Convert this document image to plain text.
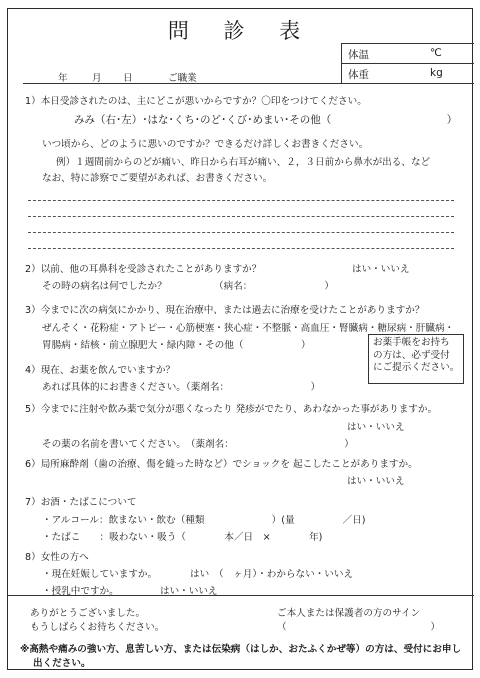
問 診 表
体温	℃
体重	kg
年	月 日	ご職業
1）本日受診されたのは、主にどこが悪いからですか？〇印をつけてください。
みみ（右･左）･はな･くち･のど･くび･めまい･その他（　　　　　　　　　　　）
いつ頃から、どのように悪いのですか？できるだけ詳しくお書きください。
例）１週間前からのどが痛い、昨日から右耳が痛い、２，３日前から鼻水が出る、など
なお、特に診察でご要望があれば、お書きください。
2）以前、他の耳鼻科を受診されたことがありますか？	はい・いいえ
その時の病名は何でしたか？	（病名：　　　　　　　　）
3）今までに次の病気にかかり、現在治療中、または過去に治療を受けたことがありますか？
ぜんそく・花粉症・アトピー・心筋梗塞・狭心症・不整脈・高血圧・腎臓病・糖尿病・肝臓病・
胃腸病・結核・前立腺肥大・緑内障・その他（　　　　　　）	お薬手帳をお持ち
の方は、必ず受付
にご提示ください。
4）現在、お薬を飲んでいますか？
あれば具体的にお書きください。（薬剤名：　　　　　　　　　）
5）今までに注射や飲み薬で気分が悪くなったり 発疹がでたり、あわなかった事がありますか。
はい・いいえ
その薬の名前を書いてください。　（薬剤名：　　　　　　　　　　　　）
6）局所麻酔剤（歯の治療、傷を縫った時など）でショックを 起こしたことがありますか。
はい・いいえ
7）お酒・たばこについて
・アルコール：飲まない・飲む（種類　　　　　　　）(量　　　　　／日)
・たばこ　　：吸わない・吸う（　　　　本／日　×　　　　年)
8）女性の方へ
・現在妊娠していますか。	はい　（　ヶ月）・わからない・いいえ
・授乳中ですか。	はい・いいえ
ありがとうございました。
もうしばらくお待ちください。
ご本人または保護者の方のサイン
（　　　　　　　　　　　　　　　）
※高熱や痛みの強い方、息苦しい方、または伝染病（はしか、おたふくかぜ等）の方は、受付にお申し
出ください。
